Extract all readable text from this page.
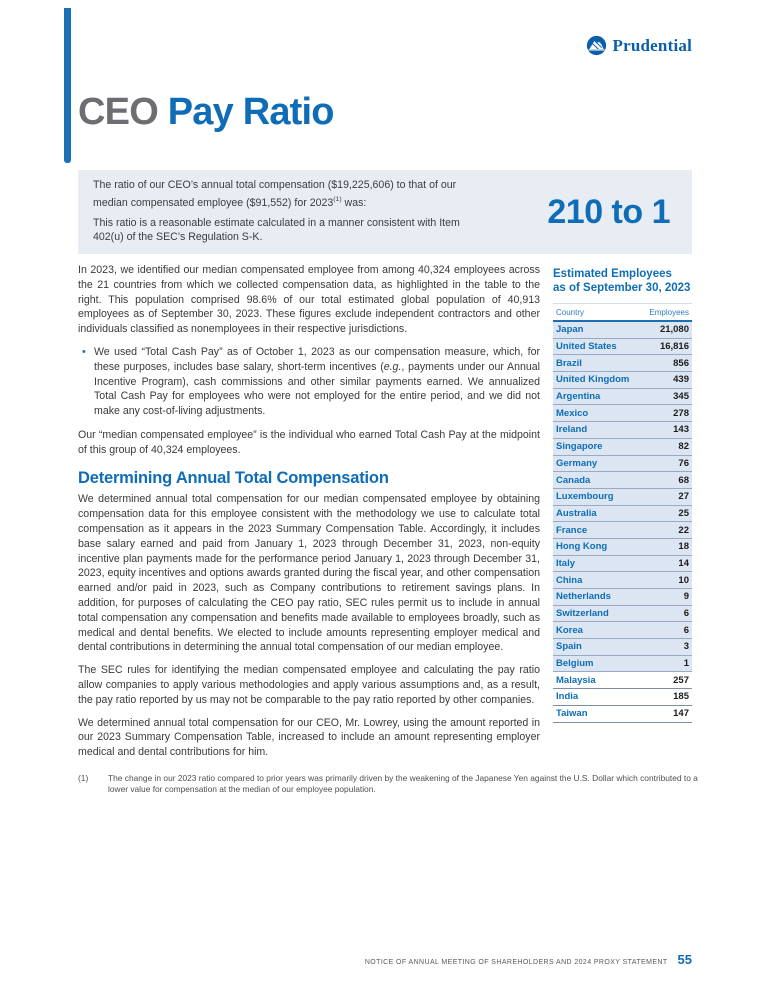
Prudential
CEO Pay Ratio

The ratio of our CEO’s annual total compensation ($19,225,606) to that of our median compensated employee ($91,552) for 2023$^{(1)}$ was:

This ratio is a reasonable estimate calculated in a manner consistent with Item 402(u) of the SEC’s Regulation S-K.

210 to 1

In 2023, we identified our median compensated employee from among 40,324 employees across the 21 countries from which we collected compensation data, as highlighted in the table to the right. This population comprised 98.6% of our total estimated global population of 40,913 employees as of September 30, 2023. These figures exclude independent contractors and other individuals classified as nonemployees in their respective jurisdictions.

• We used “Total Cash Pay” as of October 1, 2023 as our compensation measure, which, for these purposes, includes base salary, short-term incentives (e.g., payments under our Annual Incentive Program), cash commissions and other similar payments earned. We annualized Total Cash Pay for employees who were not employed for the entire period, and we did not make any cost-of-living adjustments.

Our “median compensated employee” is the individual who earned Total Cash Pay at the midpoint of this group of 40,324 employees.

Determining Annual Total Compensation

We determined annual total compensation for our median compensated employee by obtaining compensation data for this employee consistent with the methodology we use to calculate total compensation as it appears in the 2023 Summary Compensation Table. Accordingly, it includes base salary earned and paid from January 1, 2023 through December 31, 2023, non-equity incentive plan payments made for the performance period January 1, 2023 through December 31, 2023, equity incentives and options awards granted during the fiscal year, and other compensation earned and/or paid in 2023, such as Company contributions to retirement savings plans. In addition, for purposes of calculating the CEO pay ratio, SEC rules permit us to include in annual total compensation any compensation and benefits made available to employees broadly, such as medical and dental benefits. We elected to include amounts representing employer medical and dental contributions in determining the annual total compensation of our median employee.

The SEC rules for identifying the median compensated employee and calculating the pay ratio allow companies to apply various methodologies and apply various assumptions and, as a result, the pay ratio reported by us may not be comparable to the pay ratio reported by other companies.

We determined annual total compensation for our CEO, Mr. Lowrey, using the amount reported in our 2023 Summary Compensation Table, increased to include an amount representing employer medical and dental contributions for him.

(1)	The change in our 2023 ratio compared to prior years was primarily driven by the weakening of the Japanese Yen against the U.S. Dollar which contributed to a lower value for compensation at the median of our employee population.
Estimated Employees
as of September 30, 2023
Country	Employees
Japan	21,080
United States	16,816
Brazil	856
United Kingdom	439
Argentina	345
Mexico	278
Ireland	143
Singapore	82
Germany	76
Canada	68
Luxembourg	27
Australia	25
France	22
Hong Kong	18
Italy	14
China	10
Netherlands	9
Switzerland	6
Korea	6
Spain	3
Belgium	1
Malaysia	257
India	185
Taiwan	147
NOTICE OF ANNUAL MEETING OF SHAREHOLDERS AND 2024 PROXY STATEMENT 55
